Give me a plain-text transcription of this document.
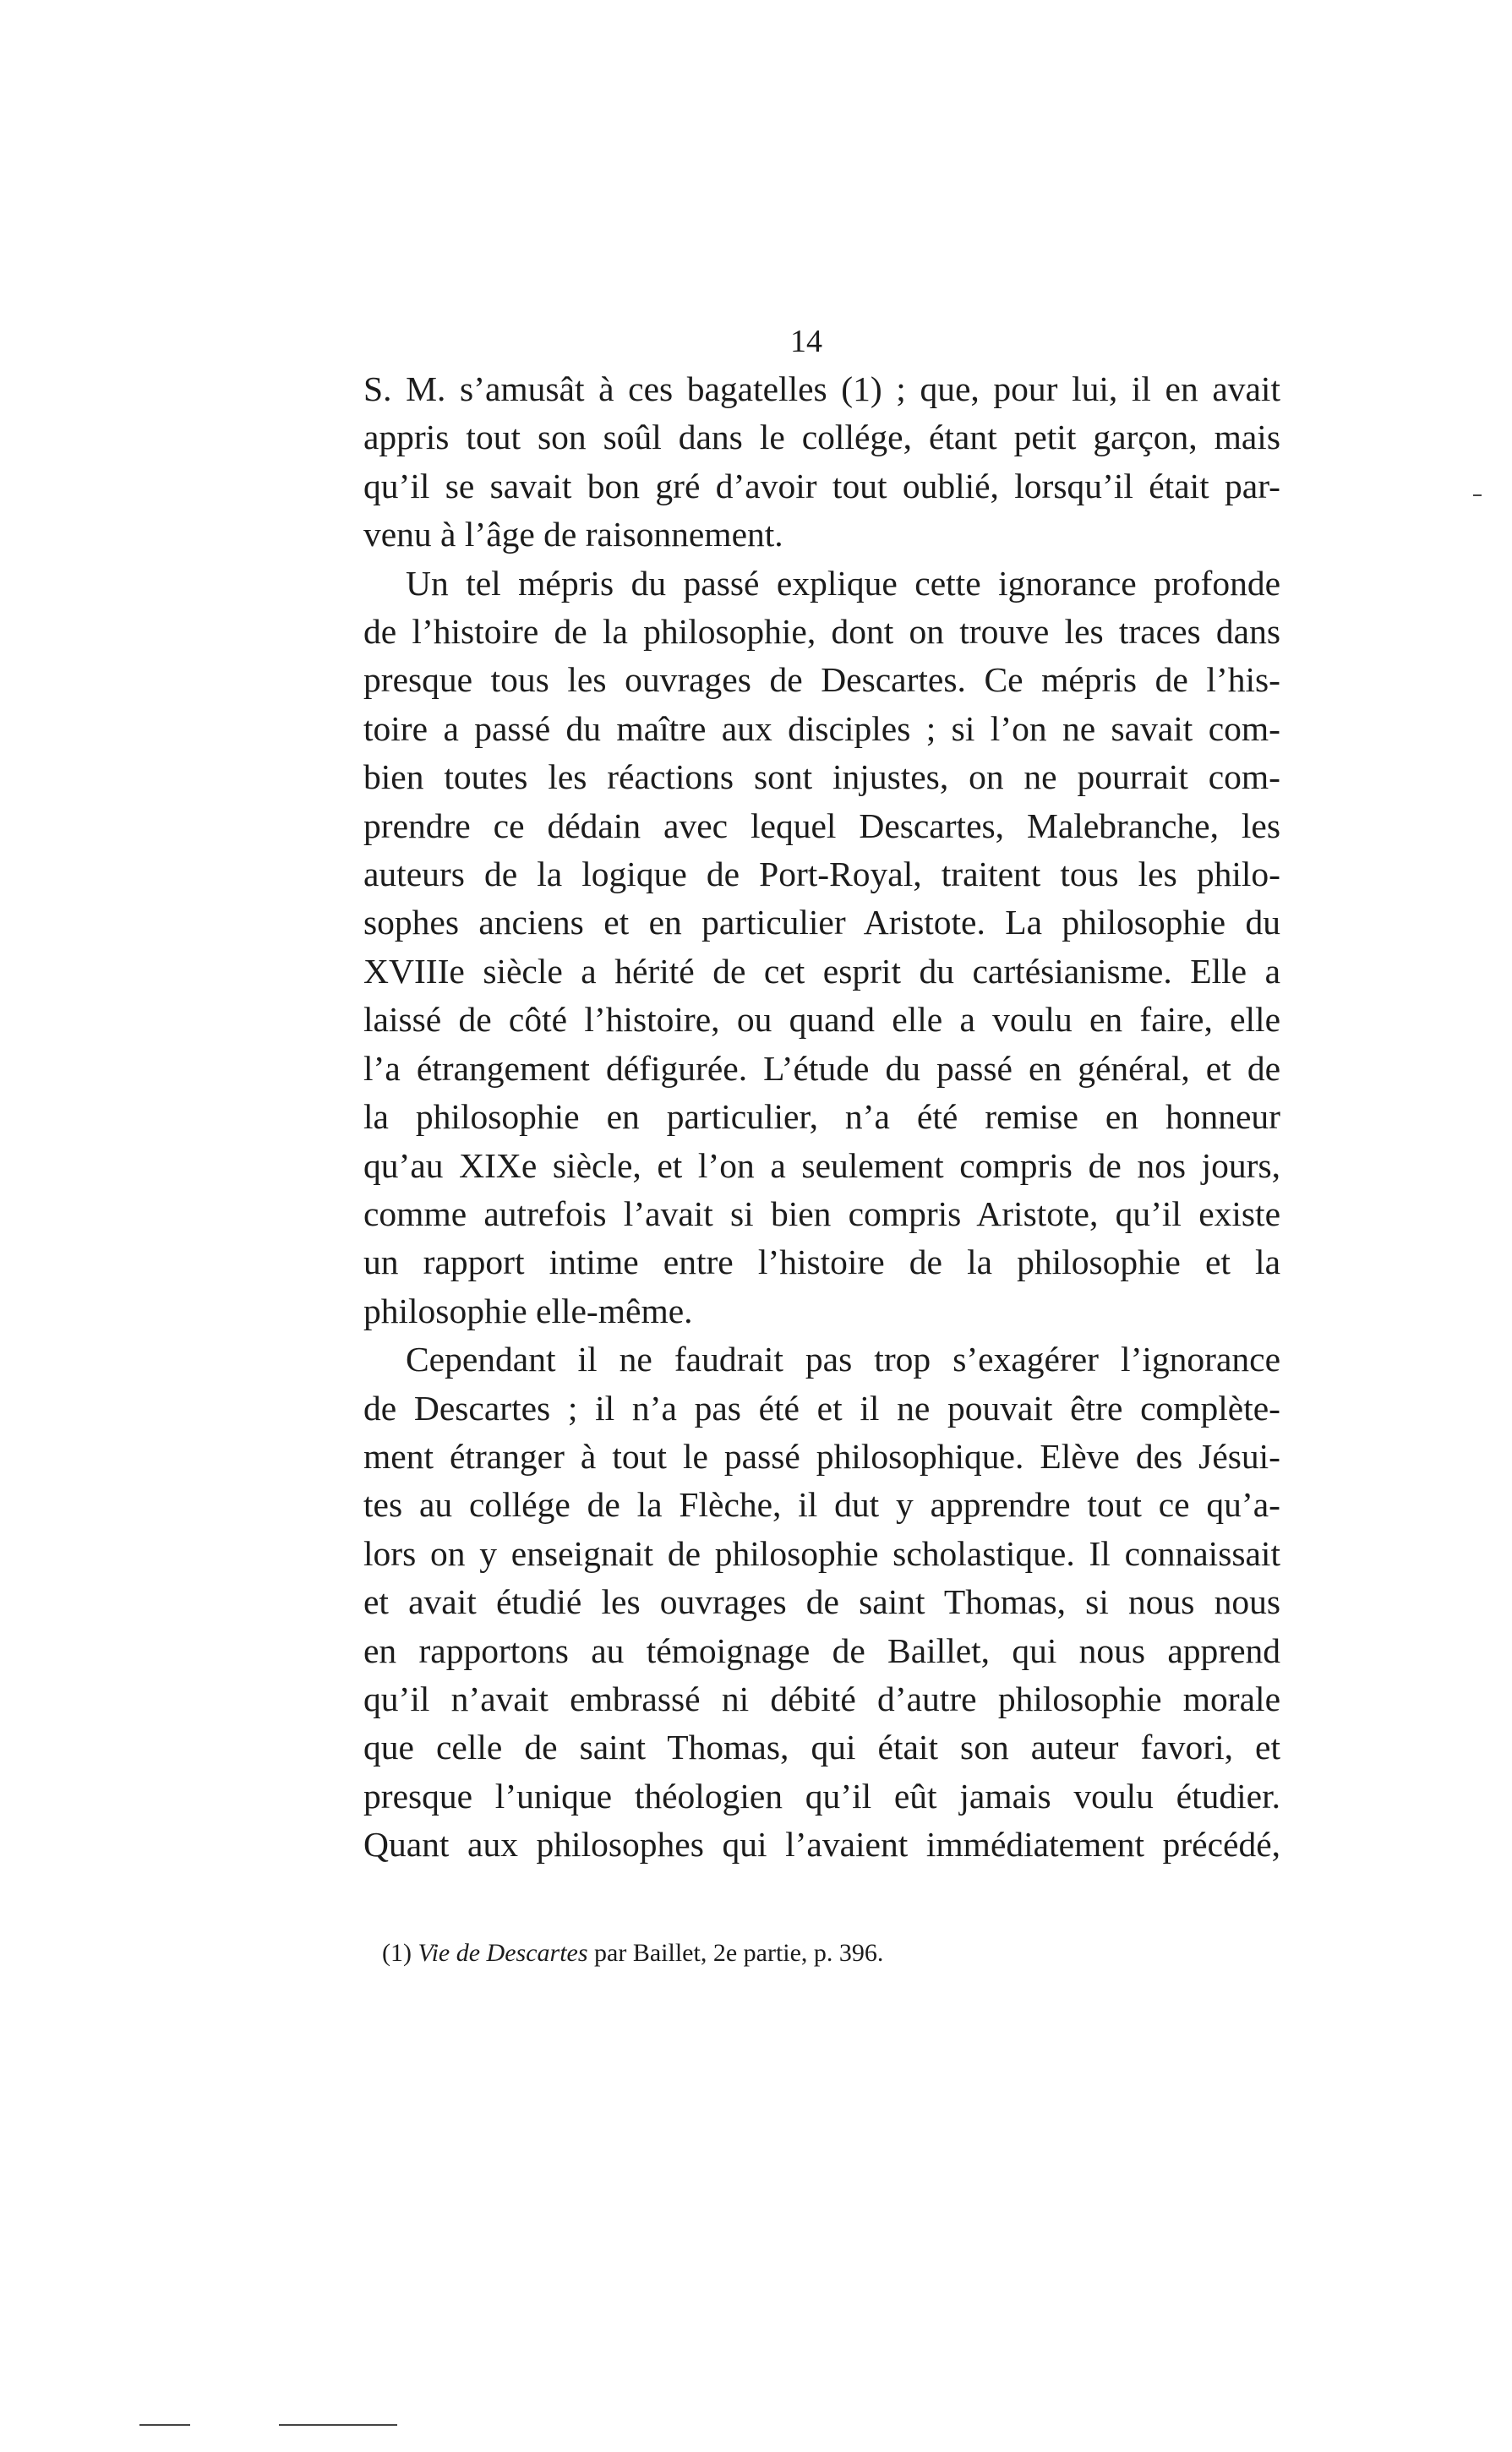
14
S. M. s’amusât à ces bagatelles (1) ; que, pour lui, il en avait
appris tout son soûl dans le collége, étant petit garçon, mais
qu’il se savait bon gré d’avoir tout oublié, lorsqu’il était par-
venu à l’âge de raisonnement.
Un tel mépris du passé explique cette ignorance profonde
de l’histoire de la philosophie, dont on trouve les traces dans
presque tous les ouvrages de Descartes. Ce mépris de l’his-
toire a passé du maître aux disciples ; si l’on ne savait com-
bien toutes les réactions sont injustes, on ne pourrait com-
prendre ce dédain avec lequel Descartes, Malebranche, les
auteurs de la logique de Port-Royal, traitent tous les philo-
sophes anciens et en particulier Aristote. La philosophie du
XVIIIe siècle a hérité de cet esprit du cartésianisme. Elle a
laissé de côté l’histoire, ou quand elle a voulu en faire, elle
l’a étrangement défigurée. L’étude du passé en général, et de
la philosophie en particulier, n’a été remise en honneur
qu’au XIXe siècle, et l’on a seulement compris de nos jours,
comme autrefois l’avait si bien compris Aristote, qu’il existe
un rapport intime entre l’histoire de la philosophie et la
philosophie elle-même.
Cependant il ne faudrait pas trop s’exagérer l’ignorance
de Descartes ; il n’a pas été et il ne pouvait être complète-
ment étranger à tout le passé philosophique. Elève des Jésui-
tes au collége de la Flèche, il dut y apprendre tout ce qu’a-
lors on y enseignait de philosophie scholastique. Il connaissait
et avait étudié les ouvrages de saint Thomas, si nous nous
en rapportons au témoignage de Baillet, qui nous apprend
qu’il n’avait embrassé ni débité d’autre philosophie morale
que celle de saint Thomas, qui était son auteur favori, et
presque l’unique théologien qu’il eût jamais voulu étudier.
Quant aux philosophes qui l’avaient immédiatement précédé,
(1) Vie de Descartes par Baillet, 2e partie, p. 396.
